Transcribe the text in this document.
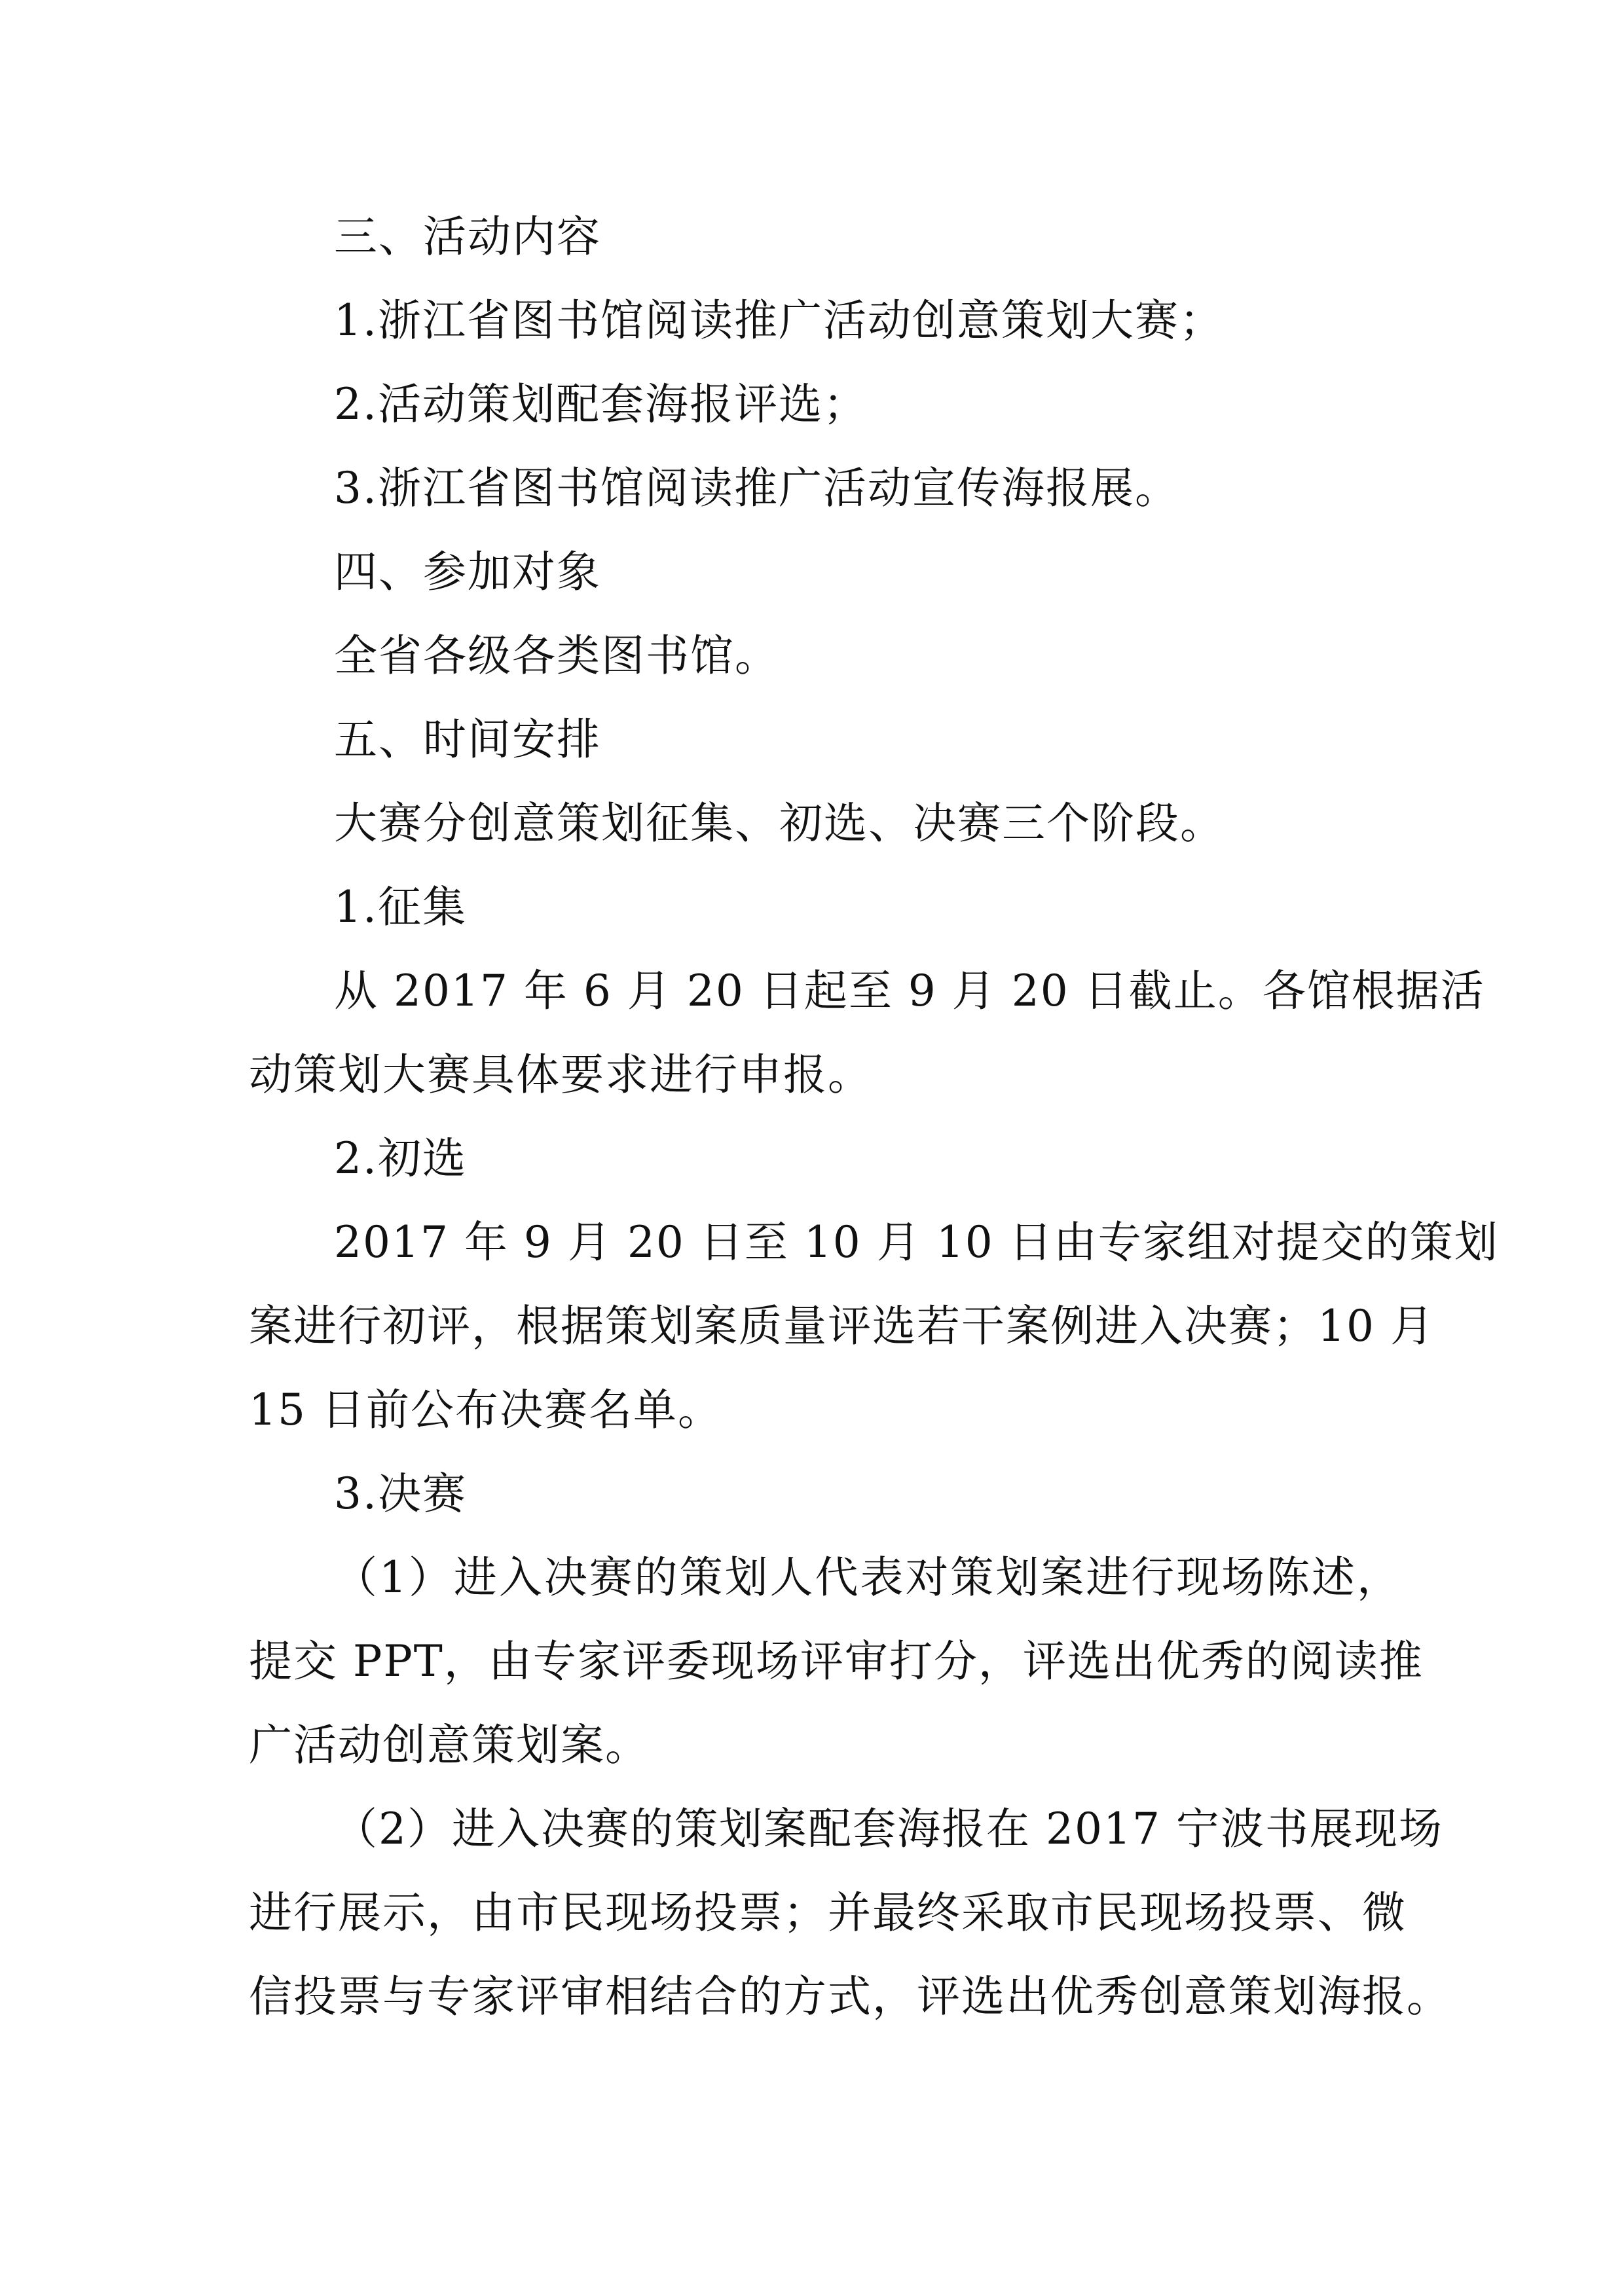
三、活动内容
1.浙江省图书馆阅读推广活动创意策划大赛；
2.活动策划配套海报评选；
3.浙江省图书馆阅读推广活动宣传海报展。
四、参加对象
全省各级各类图书馆。
五、时间安排
大赛分创意策划征集、初选、决赛三个阶段。
1.征集
从 2017 年 6 月 20 日起至 9 月 20 日截止。各馆根据活
动策划大赛具体要求进行申报。
2.初选
2017 年 9 月 20 日至 10 月 10 日由专家组对提交的策划
案进行初评，根据策划案质量评选若干案例进入决赛；10 月
15 日前公布决赛名单。
3.决赛
（1）进入决赛的策划人代表对策划案进行现场陈述，
提交 PPT，由专家评委现场评审打分，评选出优秀的阅读推
广活动创意策划案。
（2）进入决赛的策划案配套海报在 2017 宁波书展现场
进行展示，由市民现场投票；并最终采取市民现场投票、微
信投票与专家评审相结合的方式，评选出优秀创意策划海报。
